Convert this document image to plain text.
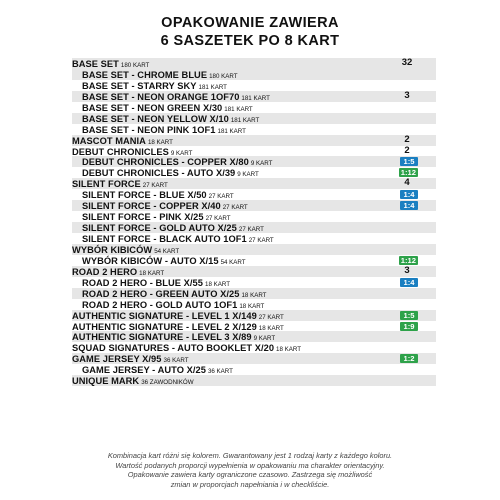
OPAKOWANIE ZAWIERA
6 SASZETEK PO 8 KART
BASE SET 180 KART	32
BASE SET - CHROME BLUE 180 KART
BASE SET - STARRY SKY 181 KART
BASE SET - NEON ORANGE 1OF70 181 KART	3
BASE SET - NEON GREEN X/30 181 KART
BASE SET - NEON YELLOW X/10 181 KART
BASE SET - NEON PINK 1OF1 181 KART
MASCOT MANIA 18 KART	2
DEBUT CHRONICLES 9 KART	2
DEBUT CHRONICLES - COPPER X/80 9 KART	1:5
DEBUT CHRONICLES - AUTO X/39 9 KART	1:12
SILENT FORCE 27 KART	4
SILENT FORCE - BLUE X/50 27 KART	1:4
SILENT FORCE - COPPER X/40 27 KART	1:4
SILENT FORCE - PINK X/25 27 KART
SILENT FORCE - GOLD AUTO X/25 27 KART
SILENT FORCE - BLACK AUTO 1OF1 27 KART
WYBÓR KIBICÓW 54 KART
WYBÓR KIBICÓW - AUTO X/15 54 KART	1:12
ROAD 2 HERO 18 KART	3
ROAD 2 HERO - BLUE X/55 18 KART	1:4
ROAD 2 HERO - GREEN AUTO X/25 18 KART
ROAD 2 HERO - GOLD AUTO 1OF1 18 KART
AUTHENTIC SIGNATURE - LEVEL 1 X/149 27 KART	1:5
AUTHENTIC SIGNATURE - LEVEL 2 X/129 18 KART	1:9
AUTHENTIC SIGNATURE - LEVEL 3 X/89 9 KART
SQUAD SIGNATURES - AUTO BOOKLET X/20 18 KART
GAME JERSEY X/95 36 KART	1:2
GAME JERSEY - AUTO X/25 36 KART
UNIQUE MARK 36 ZAWODNIKÓW
Kombinacja kart różni się kolorem. Gwarantowany jest 1 rodzaj karty z każdego koloru.
Wartość podanych proporcji wypełnienia w opakowaniu ma charakter orientacyjny.
Opakowanie zawiera karty ograniczone czasowo. Zastrzega się możliwość
zmian w proporcjach napełniania i w checkliście.
